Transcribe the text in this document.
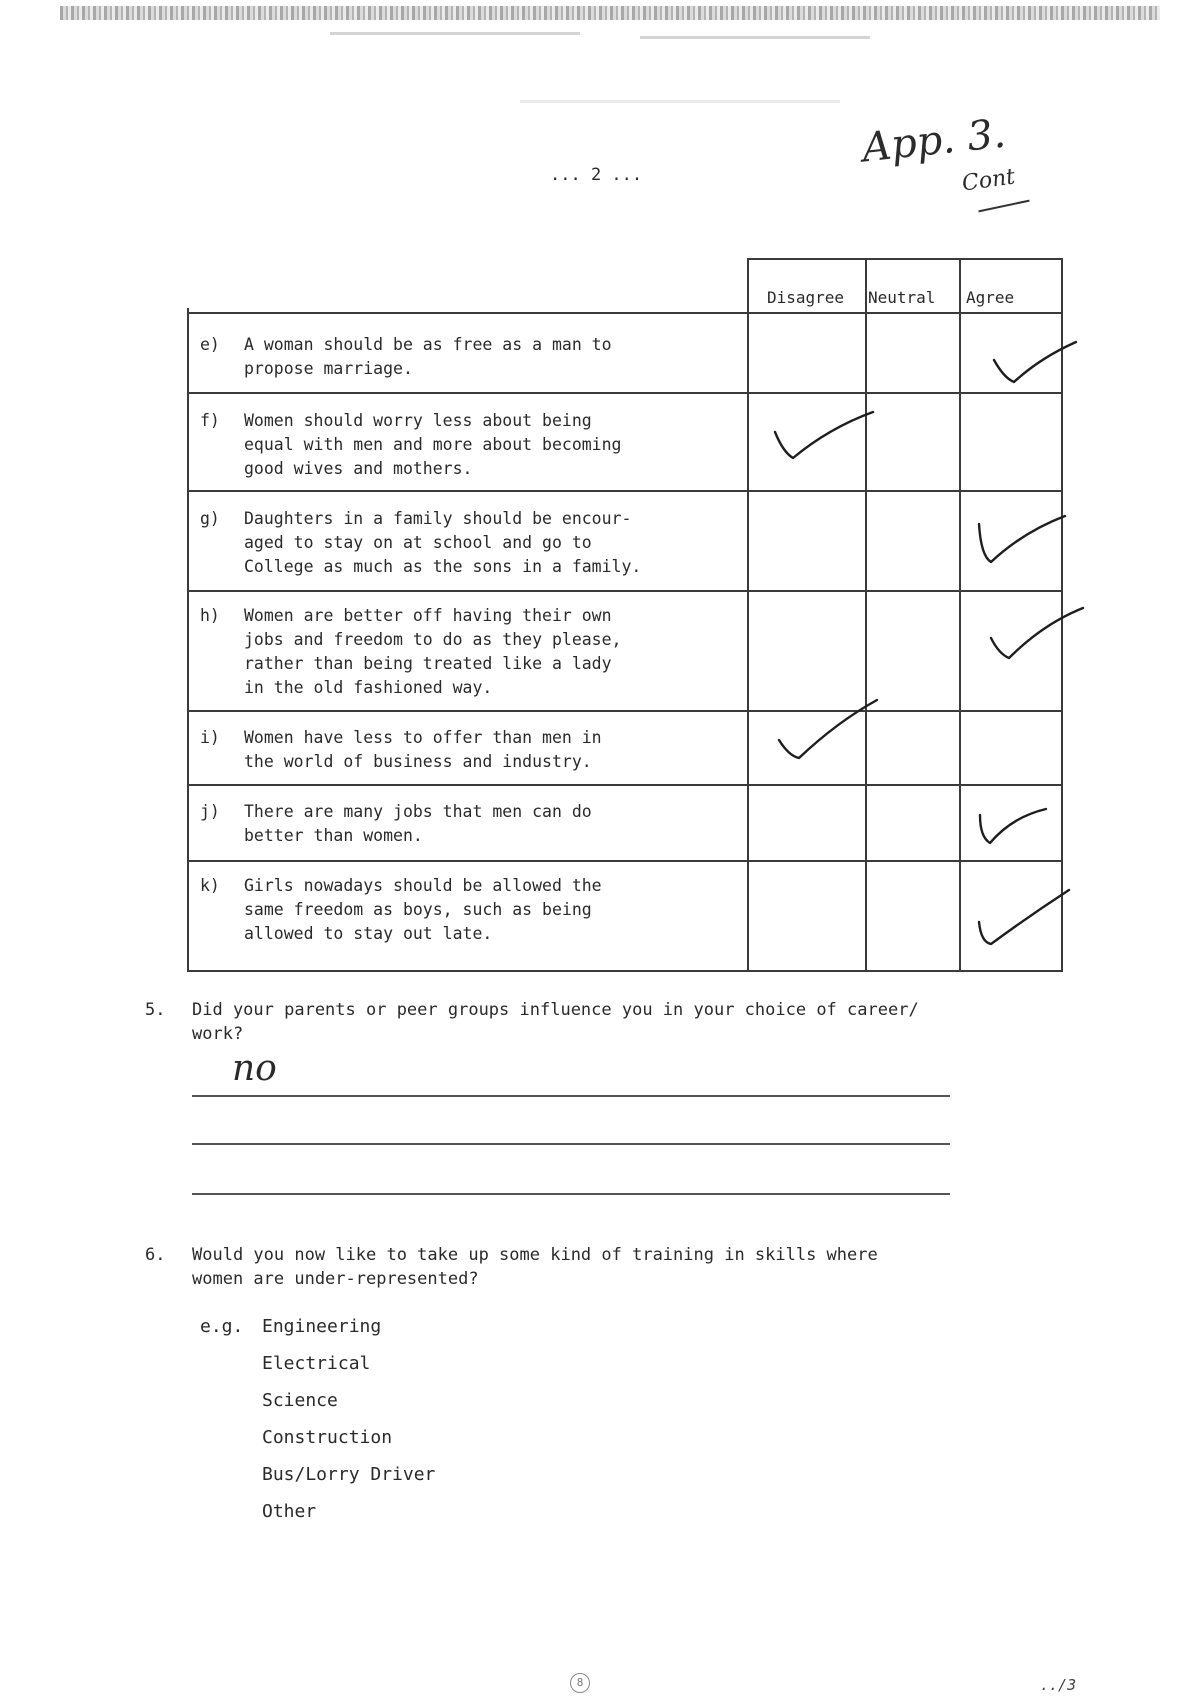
App. 3.
Cont
... 2 ...
Disagree Neutral Agree
e) A woman should be as free as a man to
propose marriage.
f) Women should worry less about being
equal with men and more about becoming
good wives and mothers.
g) Daughters in a family should be encour-
aged to stay on at school and go to
College as much as the sons in a family.
h) Women are better off having their own
jobs and freedom to do as they please,
rather than being treated like a lady
in the old fashioned way.
i) Women have less to offer than men in
the world of business and industry.
j) There are many jobs that men can do
better than women.
k) Girls nowadays should be allowed the
same freedom as boys, such as being
allowed to stay out late.
5. Did your parents or peer groups influence you in your choice of career/
work?
no
6. Would you now like to take up some kind of training in skills where
women are under-represented?
e.g. Engineering
Electrical
Science
Construction
Bus/Lorry Driver
Other
8	../3
